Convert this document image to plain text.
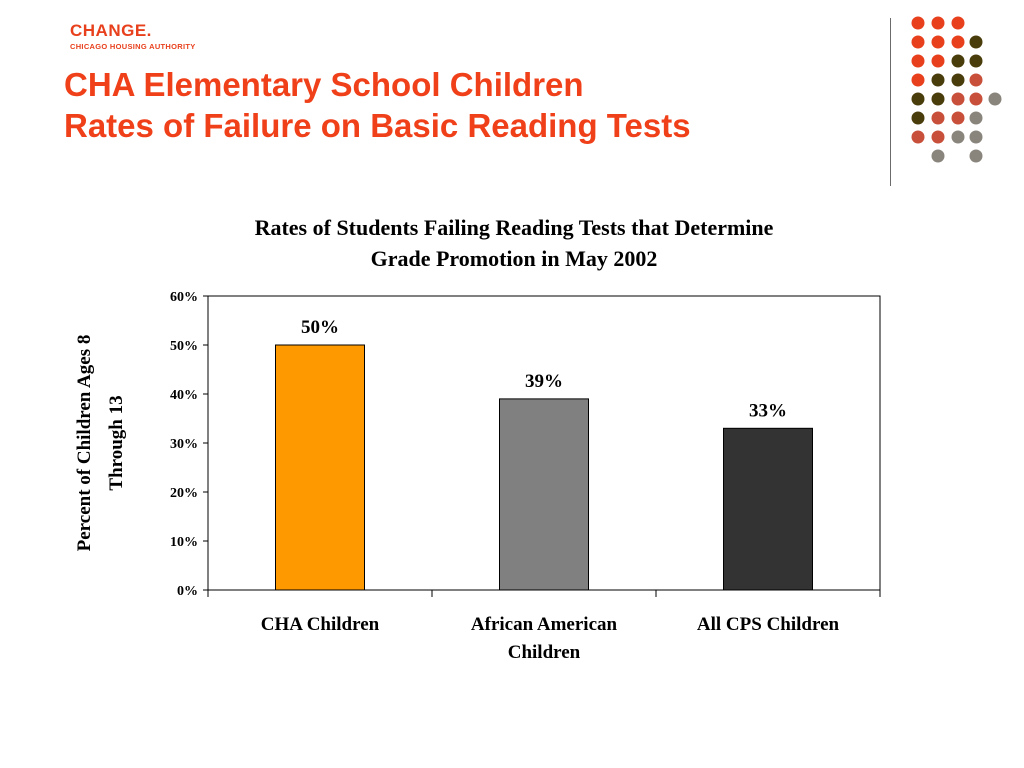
CHANGE.
CHICAGO HOUSING AUTHORITY
CHA Elementary School Children
Rates of Failure on Basic Reading Tests
Rates of Students Failing Reading Tests that Determine Grade Promotion in May 2002
Percent of Children Ages 8 Through 13
0%
10%
20%
30%
40%
50%
60%
50%
CHA Children
39%
African American Children
33%
All CPS Children
